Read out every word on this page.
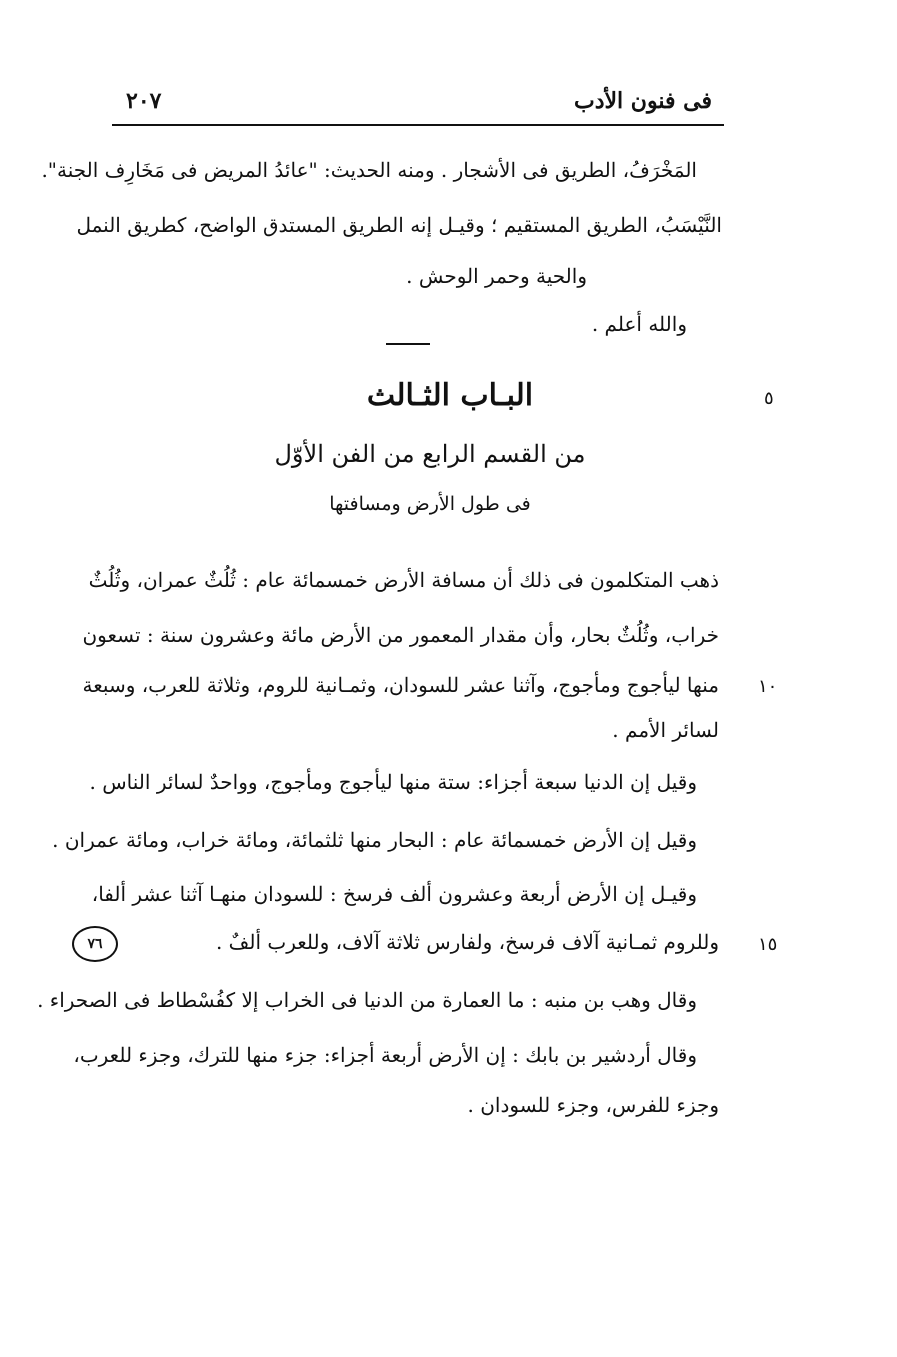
٢٠٧	فى فنون الأدب
المَخْرَفُ، الطريق فى الأشجار . ومنه الحديث: "عائدُ المريض فى مَخَارِف الجنة".
النَّيْسَبُ، الطريق المستقيم ؛ وقيـل إنه الطريق المستدق الواضح، كطريق النمل
والحية وحمر الوحش .
والله أعلم .
البـاب الثـالث	٥
من القسم الرابع من الفن الأوّل
فى طول الأرض ومسافتها
ذهب المتكلمون فى ذلك أن مسافة الأرض خمسمائة عام : ثُلُثٌ عمران، وثُلُثٌ
خراب، وثُلُثٌ بحار، وأن مقدار المعمور من الأرض مائة وعشرون سنة : تسعون
منها ليأجوج ومأجوج، وآثنا عشر للسودان، وثمـانية للروم، وثلاثة للعرب، وسبعة ١٠
لسائر الأمم .
وقيل إن الدنيا سبعة أجزاء: ستة منها ليأجوج ومأجوج، وواحدٌ لسائر الناس .
وقيل إن الأرض خمسمائة عام : البحار منها ثلثمائة، ومائة خراب، ومائة عمران .
وقيـل إن الأرض أربعة وعشرون ألف فرسخ : للسودان منهـا آثنا عشر ألفا،
وللروم ثمـانية آلاف فرسخ، ولفارس ثلاثة آلاف، وللعرب ألفٌ . ١٥
٧٦
وقال وهب بن منبه : ما العمارة من الدنيا فى الخراب إلا كفُسْطاط فى الصحراء .
وقال أردشير بن بابك : إن الأرض أربعة أجزاء: جزء منها للترك، وجزء للعرب،
وجزء للفرس، وجزء للسودان .
